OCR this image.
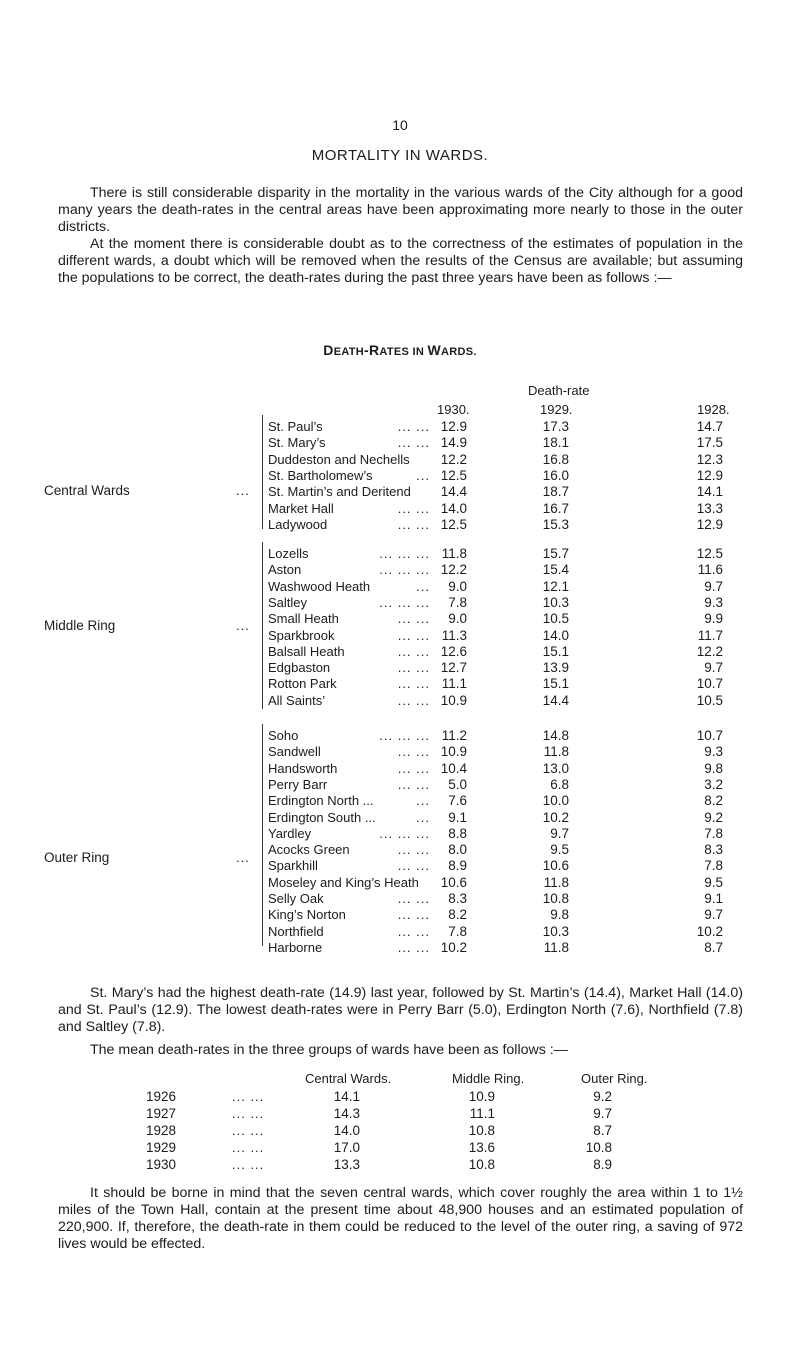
10
MORTALITY IN WARDS.
There is still considerable disparity in the mortality in the various wards of the City although for a good many years the death-rates in the central areas have been approximating more nearly to those in the outer districts.
At the moment there is considerable doubt as to the correctness of the estimates of population in the different wards, a doubt which will be removed when the results of the Census are available; but assuming the populations to be correct, the death-rates during the past three years have been as follows :—
DEATH-RATES IN WARDS.
Death-rate
1930.	1929.	1928.
Central Wards	...
St. Paul’s	... ... 12.9	17.3	14.7
St. Mary’s	... ... 14.9	18.1	17.5
Duddeston and Nechells	12.2	16.8	12.3
St. Bartholomew’s	... 12.5	16.0	12.9
St. Martin’s and Deritend	14.4	18.7	14.1
Market Hall	... ... 14.0	16.7	13.3
Ladywood	... ... 12.5	15.3	12.9
Middle Ring	...
Lozells	... ... ... 11.8	15.7	12.5
Aston	... ... ... 12.2	15.4	11.6
Washwood Heath	...	9.0	12.1	9.7
Saltley	... ... ...	7.8	10.3	9.3
Small Heath	... ...	9.0	10.5	9.9
Sparkbrook	... ... 11.3	14.0	11.7
Balsall Heath	... ... 12.6	15.1	12.2
Edgbaston	... ... 12.7	13.9	9.7
Rotton Park	... ... 11.1	15.1	10.7
All Saints’	... ... 10.9	14.4	10.5
Outer Ring	...
Soho	... ... ... 11.2	14.8	10.7
Sandwell	... ... 10.9	11.8	9.3
Handsworth	... ... 10.4	13.0	9.8
Perry Barr	... ...	5.0	6.8	3.2
Erdington North ...	...	7.6	10.0	8.2
Erdington South ...	...	9.1	10.2	9.2
Yardley	... ... ...	8.8	9.7	7.8
Acocks Green	... ...	8.0	9.5	8.3
Sparkhill	... ...	8.9	10.6	7.8
Moseley and King’s Heath	10.6	11.8	9.5
Selly Oak	... ...	8.3	10.8	9.1
King’s Norton	... ...	8.2	9.8	9.7
Northfield	... ...	7.8	10.3	10.2
Harborne	... ... 10.2	11.8	8.7
St. Mary’s had the highest death-rate (14.9) last year, followed by St. Martin’s (14.4), Market Hall (14.0) and St. Paul’s (12.9). The lowest death-rates were in Perry Barr (5.0), Erdington North (7.6), Northfield (7.8) and Saltley (7.8).
The mean death-rates in the three groups of wards have been as follows :—
Central Wards.	Middle Ring.	Outer Ring.
1926	... ...	14.1	10.9	9.2
1927	... ...	14.3	11.1	9.7
1928	... ...	14.0	10.8	8.7
1929	... ...	17.0	13.6	10.8
1930	... ...	13.3	10.8	8.9
It should be borne in mind that the seven central wards, which cover roughly the area within 1 to 1½ miles of the Town Hall, contain at the present time about 48,900 houses and an estimated population of 220,900. If, therefore, the death-rate in them could be reduced to the level of the outer ring, a saving of 972 lives would be effected.
